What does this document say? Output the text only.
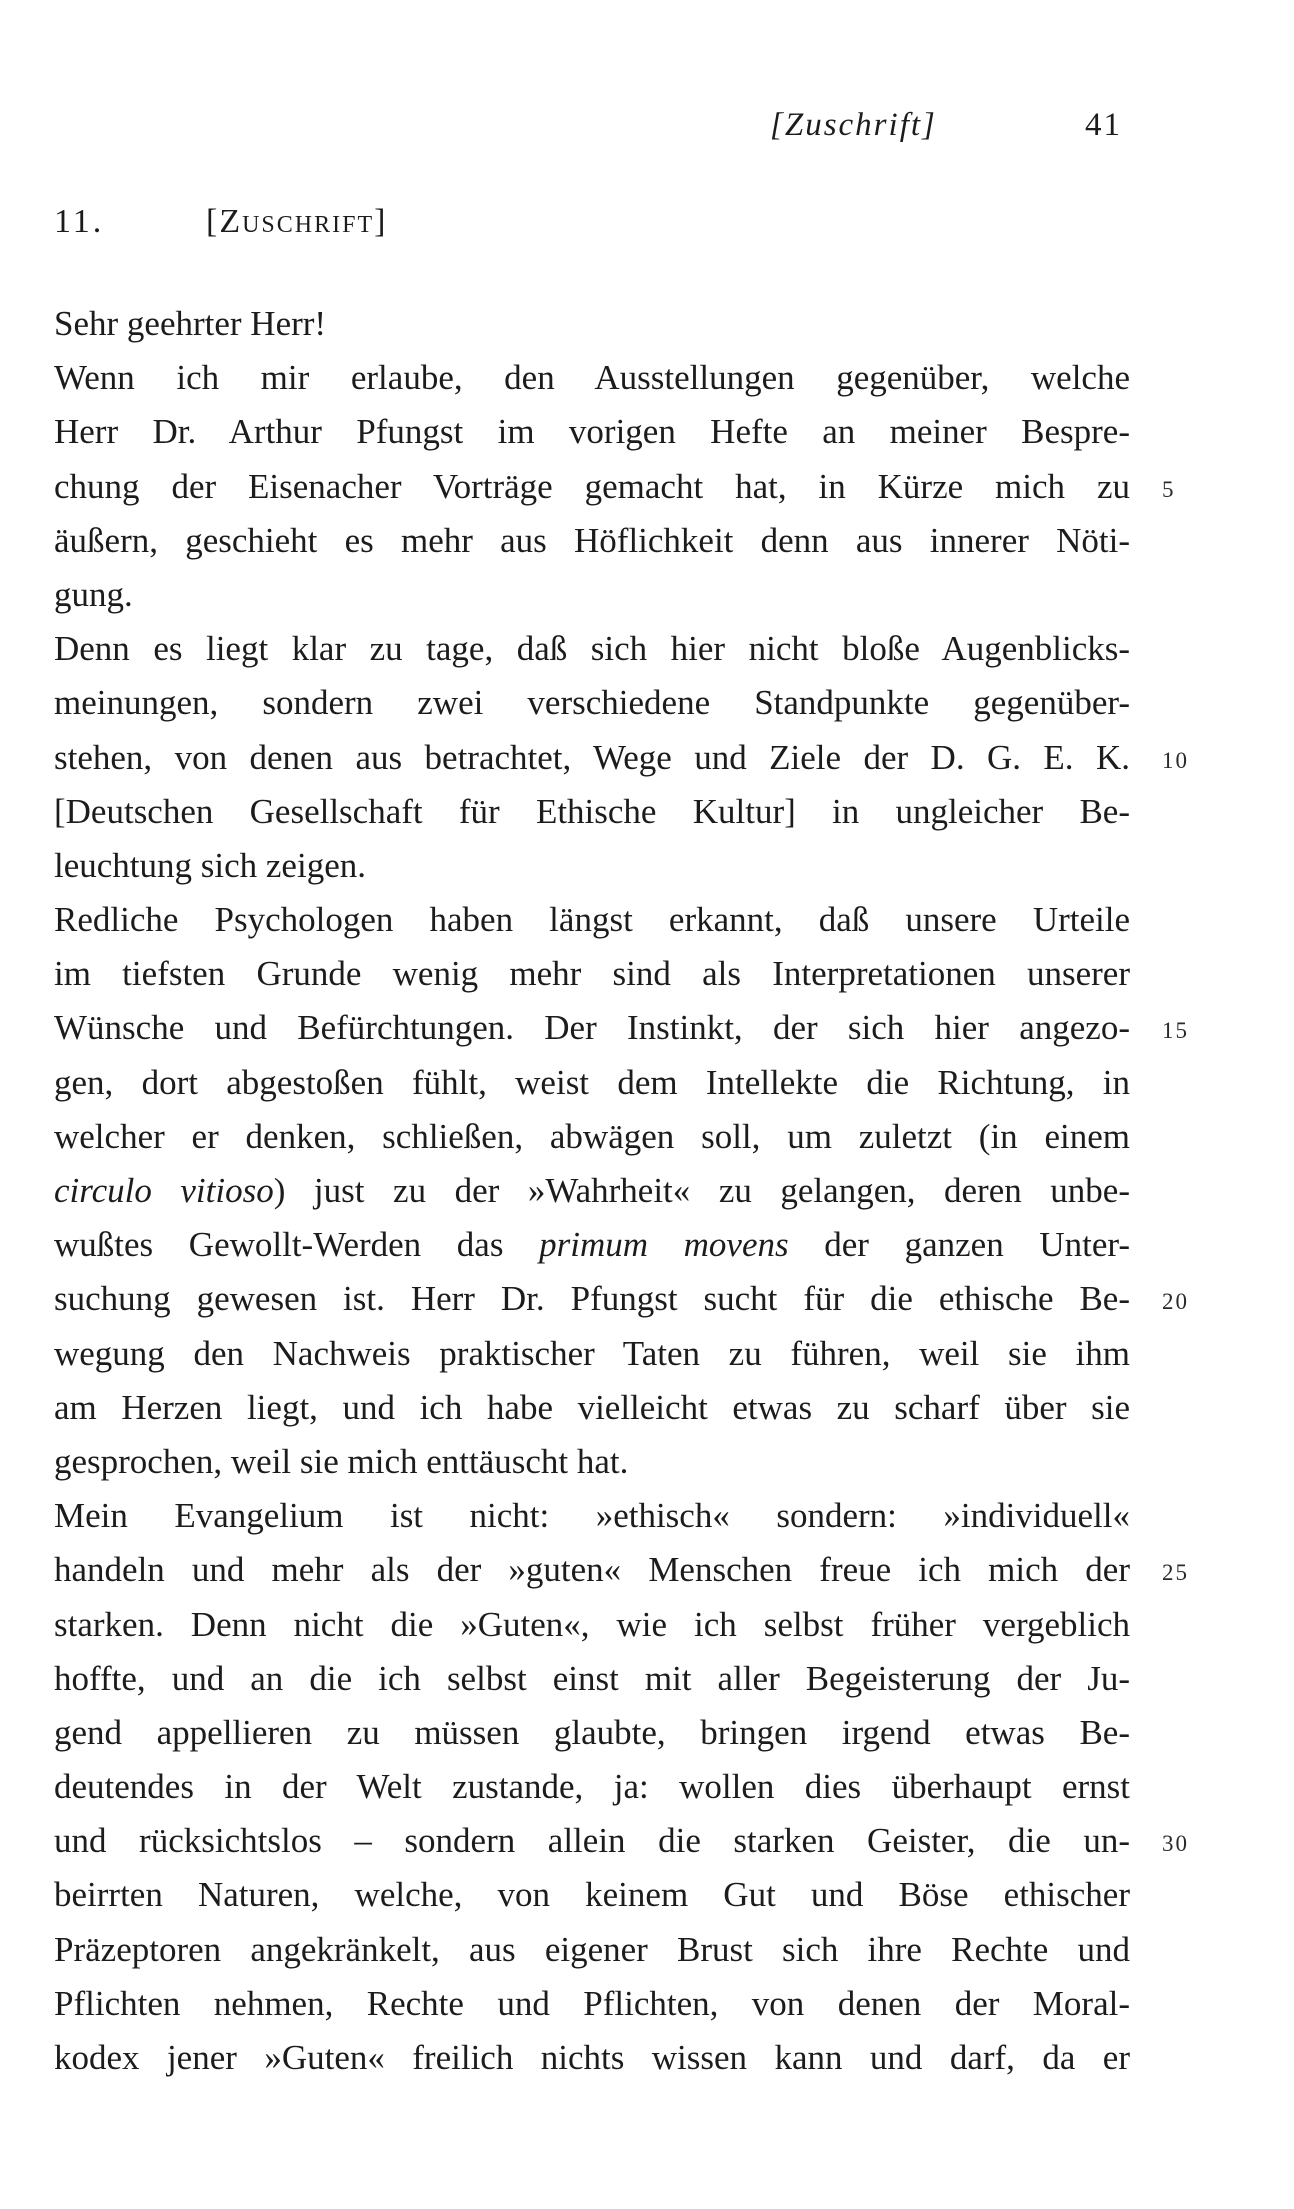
[Zuschrift]	41
11.	[Zuschrift]
Sehr geehrter Herr!
Wenn ich mir erlaube, den Ausstellungen gegenüber, welche
Herr Dr. Arthur Pfungst im vorigen Hefte an meiner Bespre-
chung der Eisenacher Vorträge gemacht hat, in Kürze mich zu 5
äußern, geschieht es mehr aus Höflichkeit denn aus innerer Nöti-
gung.
Denn es liegt klar zu tage, daß sich hier nicht bloße Augenblicks-
meinungen, sondern zwei verschiedene Standpunkte gegenüber-
stehen, von denen aus betrachtet, Wege und Ziele der D. G. E. K. 10
[Deutschen Gesellschaft für Ethische Kultur] in ungleicher Be-
leuchtung sich zeigen.
Redliche Psychologen haben längst erkannt, daß unsere Urteile
im tiefsten Grunde wenig mehr sind als Interpretationen unserer
Wünsche und Befürchtungen. Der Instinkt, der sich hier angezo- 15
gen, dort abgestoßen fühlt, weist dem Intellekte die Richtung, in
welcher er denken, schließen, abwägen soll, um zuletzt (in einem
circulo vitioso) just zu der »Wahrheit« zu gelangen, deren unbe-
wußtes Gewollt-Werden das primum movens der ganzen Unter-
suchung gewesen ist. Herr Dr. Pfungst sucht für die ethische Be- 20
wegung den Nachweis praktischer Taten zu führen, weil sie ihm
am Herzen liegt, und ich habe vielleicht etwas zu scharf über sie
gesprochen, weil sie mich enttäuscht hat.
Mein Evangelium ist nicht: »ethisch« sondern: »individuell«
handeln und mehr als der »guten« Menschen freue ich mich der 25
starken. Denn nicht die »Guten«, wie ich selbst früher vergeblich
hoffte, und an die ich selbst einst mit aller Begeisterung der Ju-
gend appellieren zu müssen glaubte, bringen irgend etwas Be-
deutendes in der Welt zustande, ja: wollen dies überhaupt ernst
und rücksichtslos – sondern allein die starken Geister, die un- 30
beirrten Naturen, welche, von keinem Gut und Böse ethischer
Präzeptoren angekränkelt, aus eigener Brust sich ihre Rechte und
Pflichten nehmen, Rechte und Pflichten, von denen der Moral-
kodex jener »Guten« freilich nichts wissen kann und darf, da er
